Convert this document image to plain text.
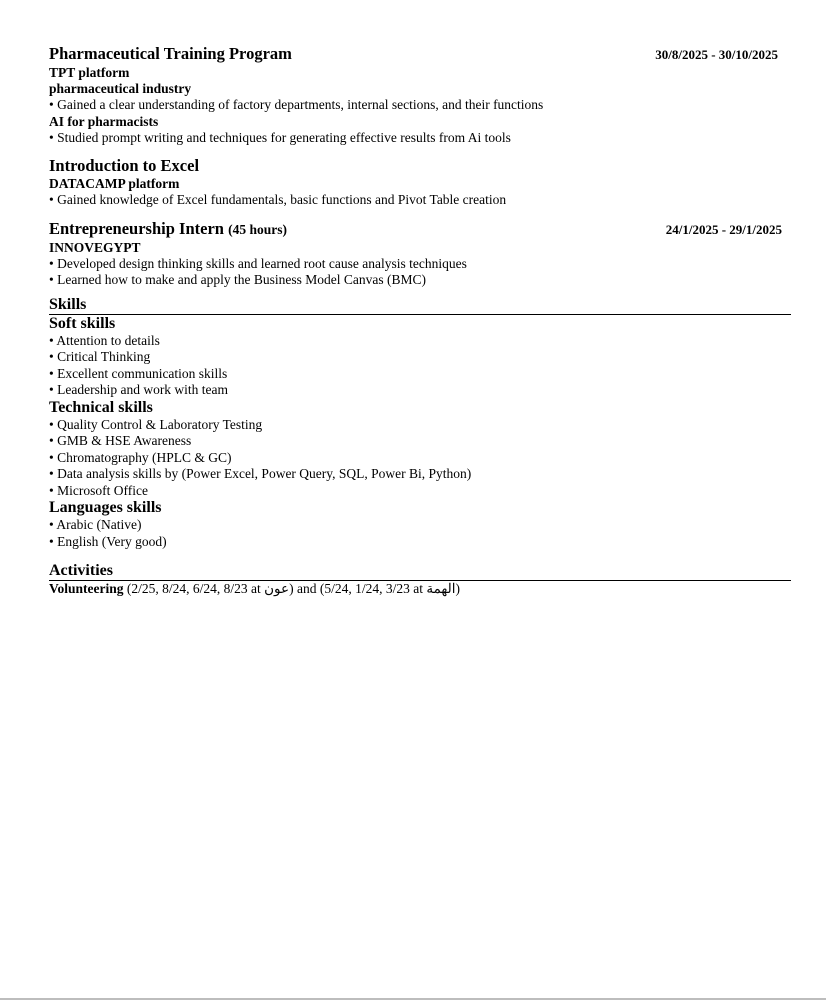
Pharmaceutical Training Program	30/8/2025 - 30/10/2025
TPT platform
pharmaceutical industry
• Gained a clear understanding of factory departments, internal sections, and their functions
AI for pharmacists
• Studied prompt writing and techniques for generating effective results from Ai tools
Introduction to Excel
DATACAMP platform
• Gained knowledge of Excel fundamentals, basic functions and Pivot Table creation
Entrepreneurship Intern (45 hours)	24/1/2025 - 29/1/2025
INNOVEGYPT
• Developed design thinking skills and learned root cause analysis techniques
• Learned how to make and apply the Business Model Canvas (BMC)
Skills
Soft skills
• Attention to details
• Critical Thinking
• Excellent communication skills
• Leadership and work with team
Technical skills
• Quality Control & Laboratory Testing
• GMB & HSE Awareness
• Chromatography (HPLC & GC)
• Data analysis skills by (Power Excel, Power Query, SQL, Power Bi, Python)
• Microsoft Office
Languages skills
• Arabic (Native)
• English (Very good)
Activities
Volunteering (2/25, 8/24, 6/24, 8/23 at عون) and (5/24, 1/24, 3/23 at الهمة)
